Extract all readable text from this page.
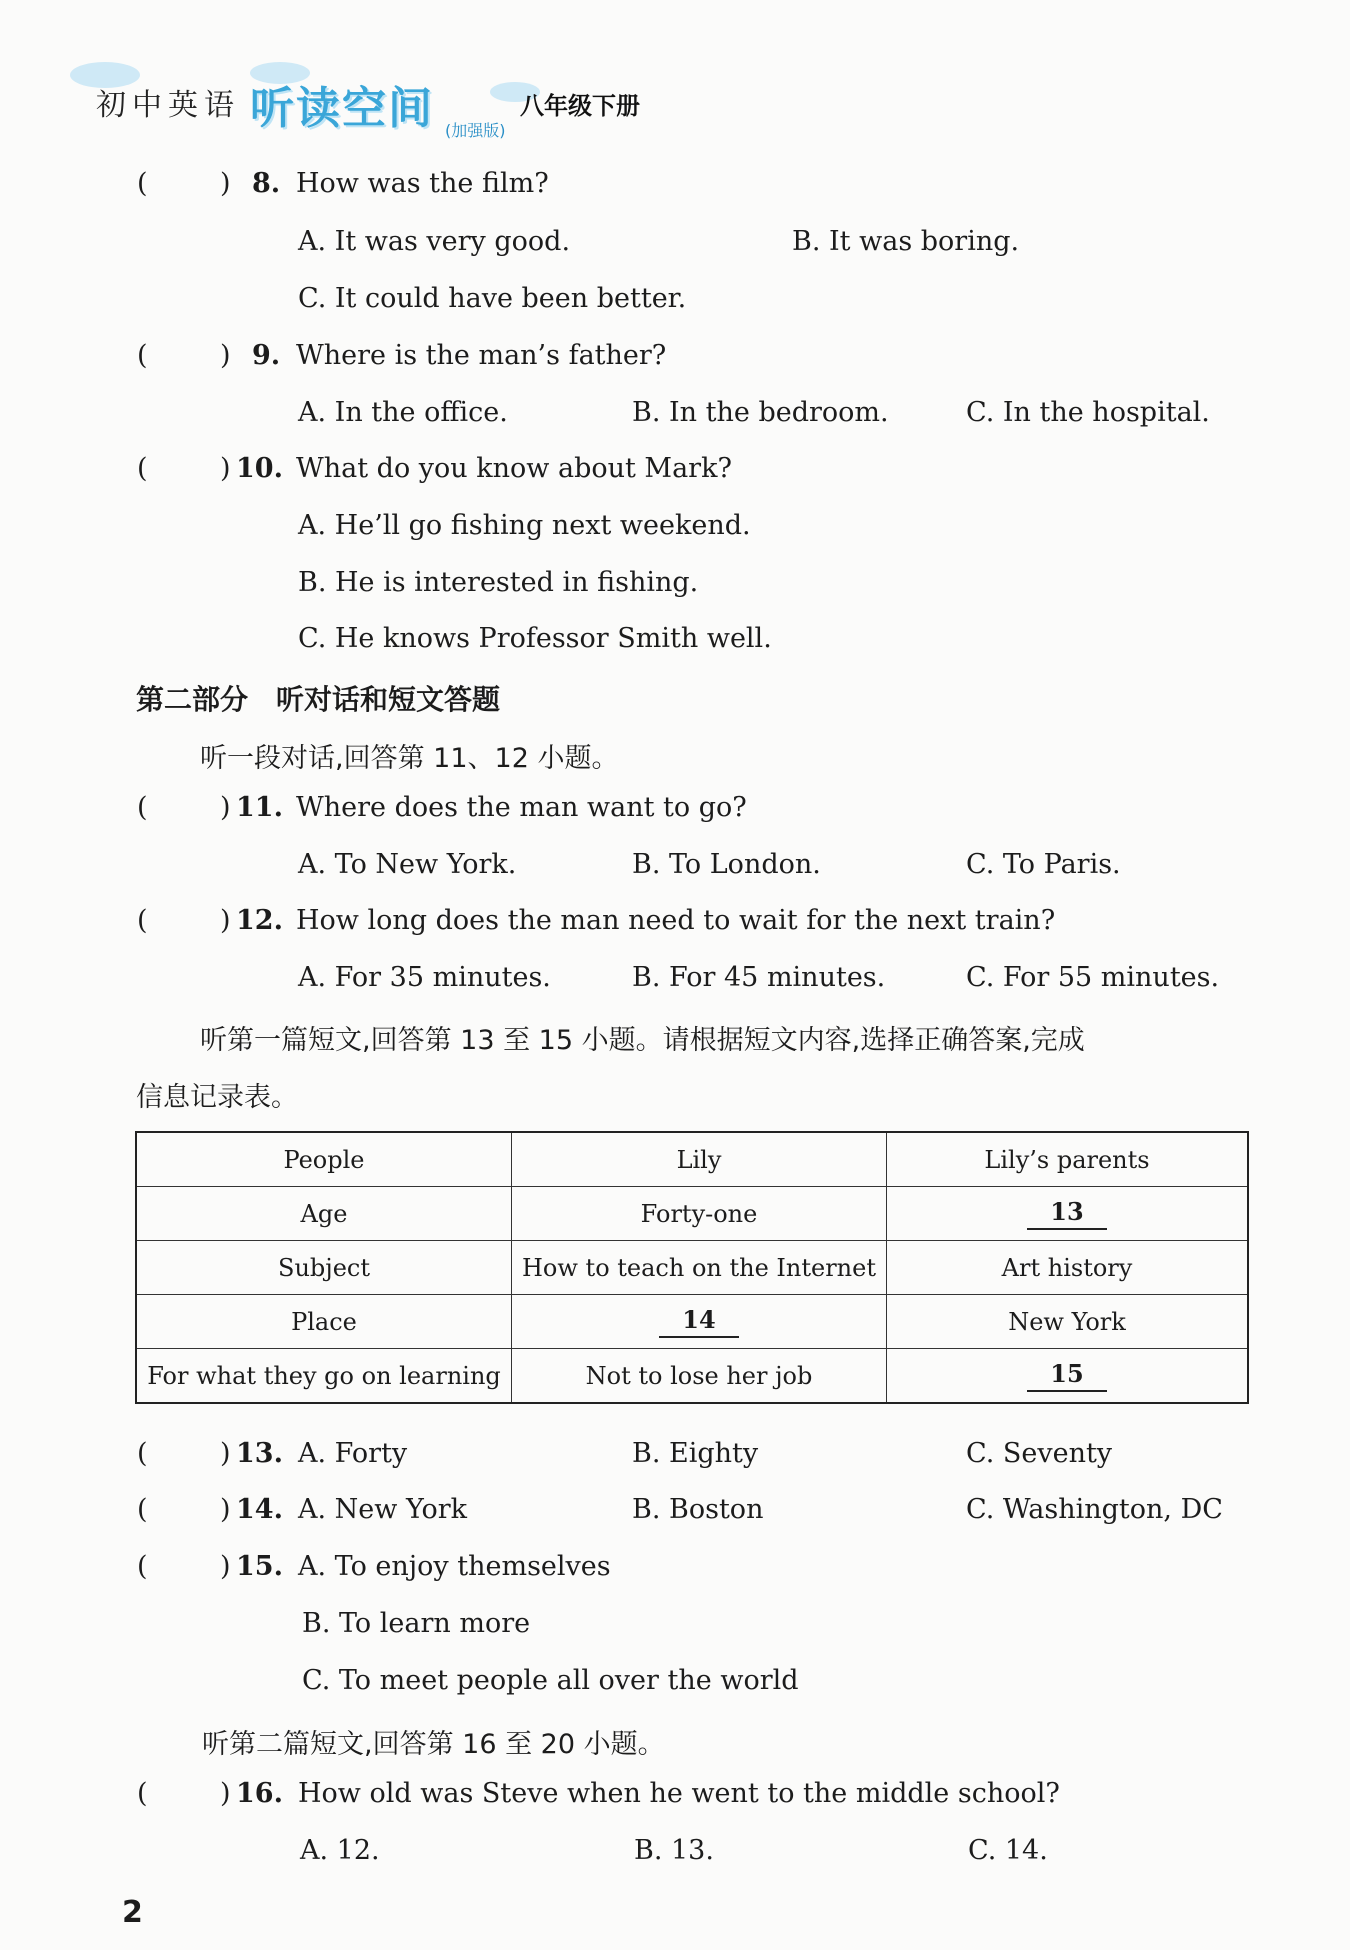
初中英语 听读空间 (加强版)
八年级下册
(	) 8. How was the film?
A. It was very good.	B. It was boring.
C. It could have been better.
(	) 9. Where is the man’s father?
A. In the office.	B. In the bedroom.	C. In the hospital.
(	) 10. What do you know about Mark?
A. He’ll go fishing next weekend.
B. He is interested in fishing.
C. He knows Professor Smith well.
第二部分　听对话和短文答题
听一段对话,回答第 11、12 小题。
(	) 11. Where does the man want to go?
A. To New York.	B. To London.	C. To Paris.
(	) 12. How long does the man need to wait for the next train?
A. For 35 minutes.	B. For 45 minutes.	C. For 55 minutes.
听第一篇短文,回答第 13 至 15 小题。请根据短文内容,选择正确答案,完成
信息记录表。
People	Lily	Lily’s parents
Age	Forty-one	13
Subject	How to teach on the Internet	Art history
Place	14	New York
For what they go on learning	Not to lose her job	15
(	) 13. A. Forty	B. Eighty	C. Seventy
(	) 14. A. New York	B. Boston	C. Washington, DC
(	) 15. A. To enjoy themselves
B. To learn more
C. To meet people all over the world
听第二篇短文,回答第 16 至 20 小题。
(	) 16. How old was Steve when he went to the middle school?
A. 12.	B. 13.	C. 14.
2
